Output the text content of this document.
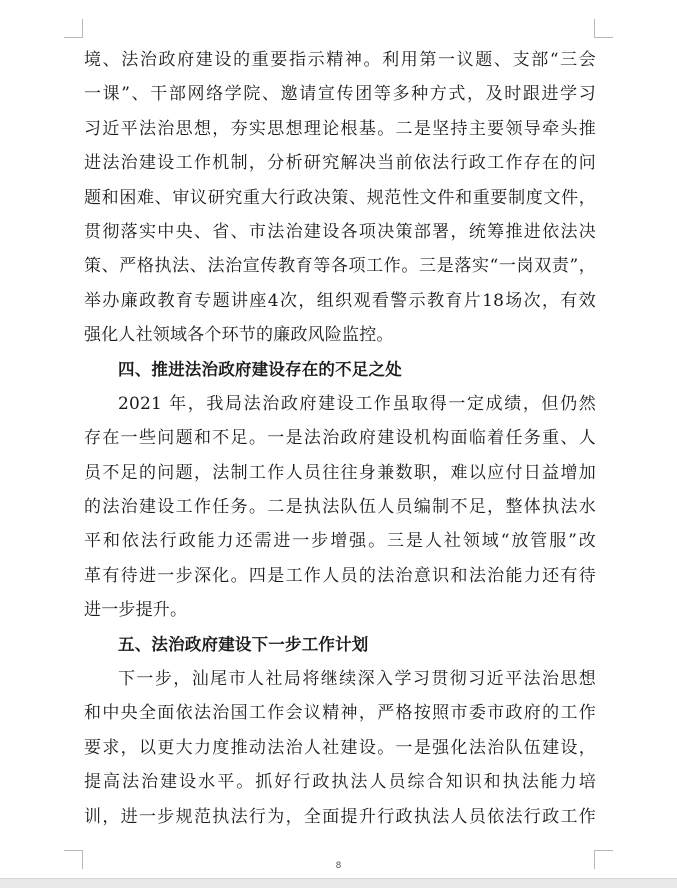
境、法治政府建设的重要指示精神。利用第一议题、支部“三会
一课”、干部网络学院、邀请宣传团等多种方式，及时跟进学习
习近平法治思想，夯实思想理论根基。二是坚持主要领导牵头推
进法治建设工作机制，分析研究解决当前依法行政工作存在的问
题和困难、审议研究重大行政决策、规范性文件和重要制度文件，
贯彻落实中央、省、市法治建设各项决策部署，统筹推进依法决
策、严格执法、法治宣传教育等各项工作。三是落实“一岗双责”，
举办廉政教育专题讲座4次，组织观看警示教育片18场次，有效
强化人社领域各个环节的廉政风险监控。
四、推进法治政府建设存在的不足之处
2021 年，我局法治政府建设工作虽取得一定成绩，但仍然
存在一些问题和不足。一是法治政府建设机构面临着任务重、人
员不足的问题，法制工作人员往往身兼数职，难以应付日益增加
的法治建设工作任务。二是执法队伍人员编制不足，整体执法水
平和依法行政能力还需进一步增强。三是人社领域“放管服”改
革有待进一步深化。四是工作人员的法治意识和法治能力还有待
进一步提升。
五、法治政府建设下一步工作计划
下一步，汕尾市人社局将继续深入学习贯彻习近平法治思想
和中央全面依法治国工作会议精神，严格按照市委市政府的工作
要求，以更大力度推动法治人社建设。一是强化法治队伍建设，
提高法治建设水平。抓好行政执法人员综合知识和执法能力培
训，进一步规范执法行为，全面提升行政执法人员依法行政工作
8
